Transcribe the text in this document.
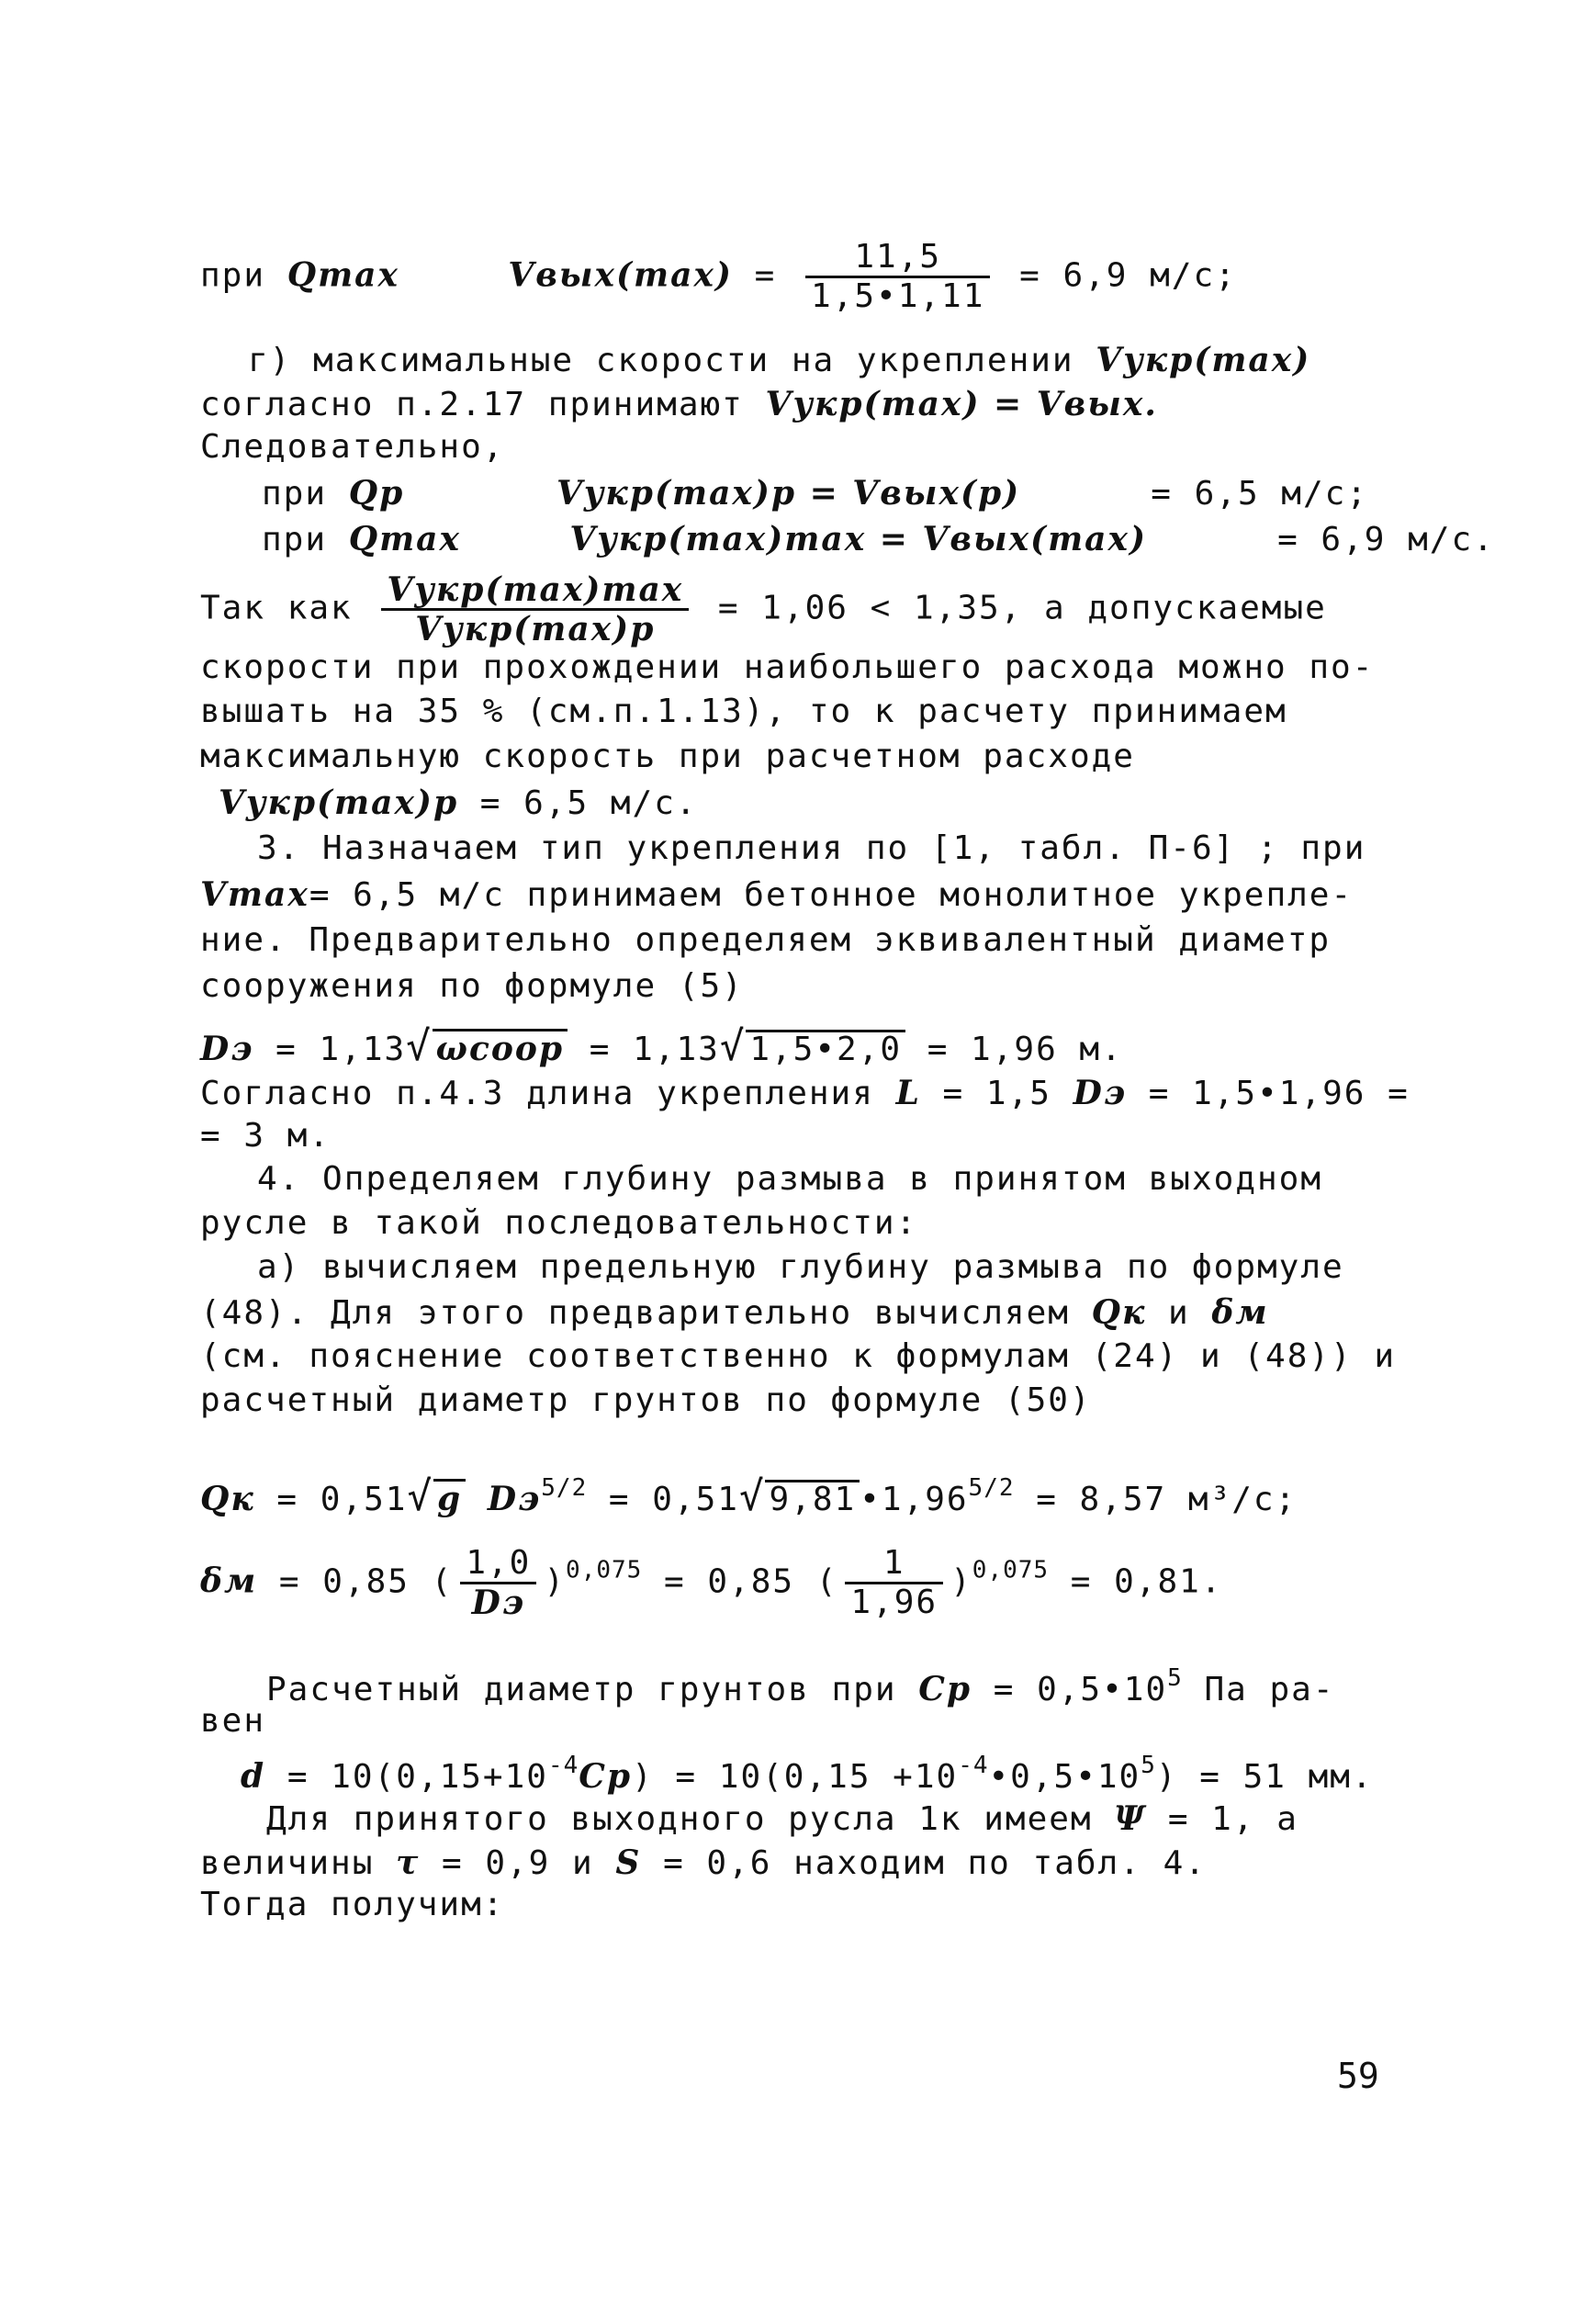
при Qmax	Vвых(max) = $\frac{11,5}{1,5•1,11} = 6,9$ м/с;
г) максимальные скорости на укреплении Vукр(max)
согласно п.2.17 принимают Vукр(max) = Vвых.
Следовательно,
при Qp	Vукр(max)p = Vвых(p)	= 6,5 м/с;
при Qmax	Vукр(max)max = Vвых(max)	= 6,9 м/с.
Так как $\frac{\text{Vукр(max)max}}{\text{Vукр(max)p}} = 1,06 < 1,35$, а допускаемые
скорости при прохождении наибольшего расхода можно по-
вышать на 35 % (см.п.1.13), то к расчету принимаем
максимальную скорость при расчетном расходе
Vукр(max)p = 6,5 м/с.
3. Назначаем тип укрепления по [1, табл. П-6] ; при
Vmax= 6,5 м/с принимаем бетонное монолитное укрепле-
ние. Предварительно определяем эквивалентный диаметр
сооружения по формуле (5)
Dэ = 1,13√ ωсоор = 1,13√ 1,5•2,0 = 1,96 м.
Согласно п.4.3 длина укрепления L = 1,5 Dэ = 1,5•1,96 =
= 3 м.
4. Определяем глубину размыва в принятом выходном
русле в такой последовательности:
а) вычисляем предельную глубину размыва по формуле
(48). Для этого предварительно вычисляем Qк и δм
(см. пояснение соответственно к формулам (24) и (48)) и
расчетный диаметр грунтов по формуле (50)
Qк = 0,51√ g $Dэ^{5/2} = 0,51√$ 9,81 $•1,96^{5/2} = 8,57$ м³/с;
δм = 0,85 ( $\frac{1,0}{Dэ} )^{0,075} = 0,85$ ( $\frac{1}{1,96} )^{0,075} = 0,81$.
Расчетный диаметр грунтов при $Cp = 0,5•10^5$ Па ра-
вен
$d = 10(0,15+10^{-4}Cp) = 10(0,15$ $+10^{-4}•0,5•10^5) = 51$ мм.
Для принятого выходного русла 1к имеем Ψ = 1, а
величины τ = 0,9 и S = 0,6 находим по табл. 4.
Тогда получим:
59
